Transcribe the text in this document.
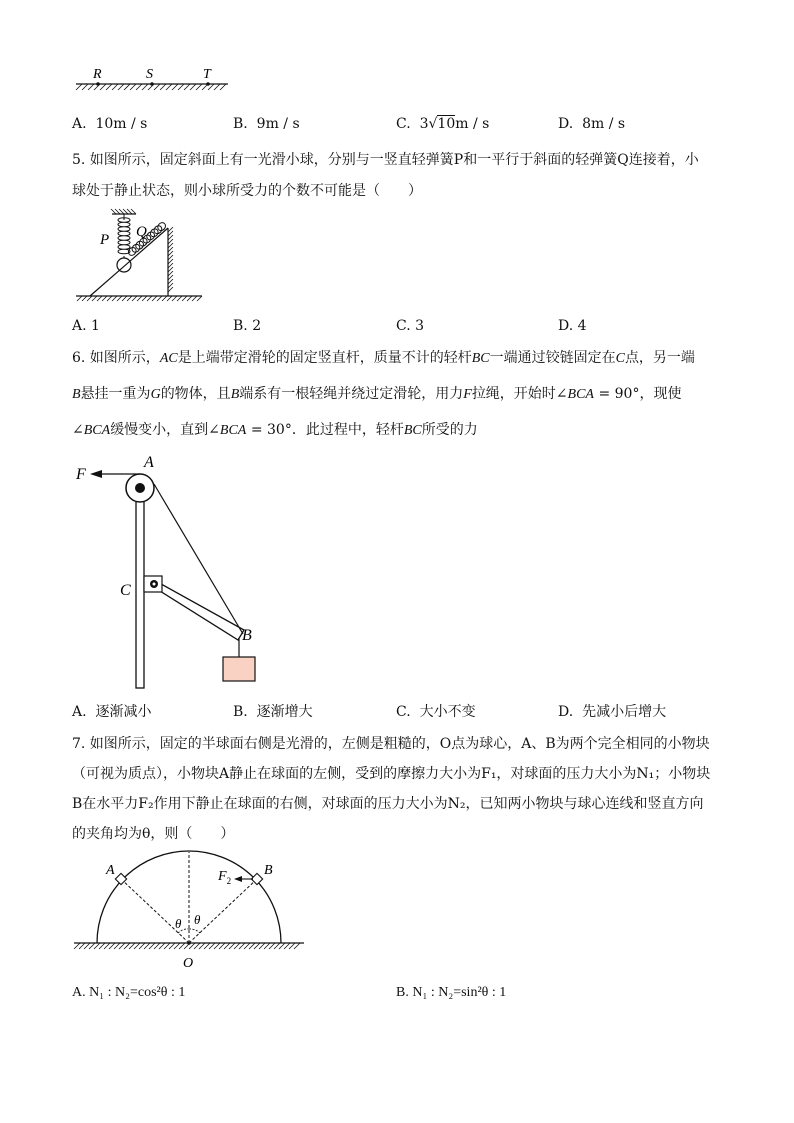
R	S	T
A. 10m / s	B. 9m / s	C. 3√10m / s	D. 8m / s
5. 如图所示，固定斜面上有一光滑小球，分别与一竖直轻弹簧P和一平行于斜面的轻弹簧Q连接着，小
球处于静止状态，则小球所受力的个数不可能是（　　）
P Q
A. 1	B. 2	C. 3	D. 4
6. 如图所示，AC是上端带定滑轮的固定竖直杆，质量不计的轻杆BC一端通过铰链固定在C点，另一端
B悬挂一重为G的物体，且B端系有一根轻绳并绕过定滑轮，用力F拉绳，开始时∠BCA = 90°，现使
∠BCA缓慢变小，直到∠BCA = 30°．此过程中，轻杆BC所受的力
F
A
C
B
A. 逐渐减小	B. 逐渐增大	C. 大小不变	D. 先减小后增大
7. 如图所示，固定的半球面右侧是光滑的，左侧是粗糙的，O点为球心，A、B为两个完全相同的小物块
（可视为质点），小物块A静止在球面的左侧，受到的摩擦力大小为F₁，对球面的压力大小为N₁；小物块
B在水平力F₂作用下静止在球面的右侧，对球面的压力大小为N₂，已知两小物块与球心连线和竖直方向
的夹角均为θ，则（　　）
A	B
$F_2$
θ θ
O
A. N₁ : N₂=cos²θ : 1	B. N₁ : N₂=sin²θ : 1
